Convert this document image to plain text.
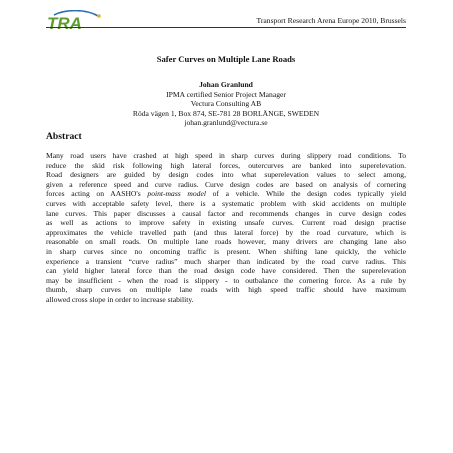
TRA	Transport Research Arena Europe 2010, Brussels
Safer Curves on Multiple Lane Roads
Johan Granlund
IPMA certified Senior Project Manager
Vectura Consulting AB
Röda vägen 1, Box 874, SE-781 28 BORLÄNGE, SWEDEN
johan.granlund@vectura.se
Abstract
Many road users have crashed at high speed in sharp curves during slippery road conditions. To
reduce the skid risk following high lateral forces, outercurves are banked into superelevation.
Road designers are guided by design codes into what superelevation values to select among,
given a reference speed and curve radius. Curve design codes are based on analysis of cornering
forces acting on AASHO's point-mass model of a vehicle. While the design codes typically yield
curves with acceptable safety level, there is a systematic problem with skid accidents on multiple
lane curves. This paper discusses a causal factor and recommends changes in curve design codes
as well as actions to improve safety in existing unsafe curves. Current road design practise
approximates the vehicle travelled path (and thus lateral force) by the road curvature, which is
reasonable on small roads. On multiple lane roads however, many drivers are changing lane also
in sharp curves since no oncoming traffic is present. When shifting lane quickly, the vehicle
experience a transient “curve radius” much sharper than indicated by the road curve radius. This
can yield higher lateral force than the road design code have considered. Then the superelevation
may be insufficient - when the road is slippery - to outbalance the cornering force. As a rule by
thumb, sharp curves on multiple lane roads with high speed traffic should have maximum
allowed cross slope in order to increase stability.
